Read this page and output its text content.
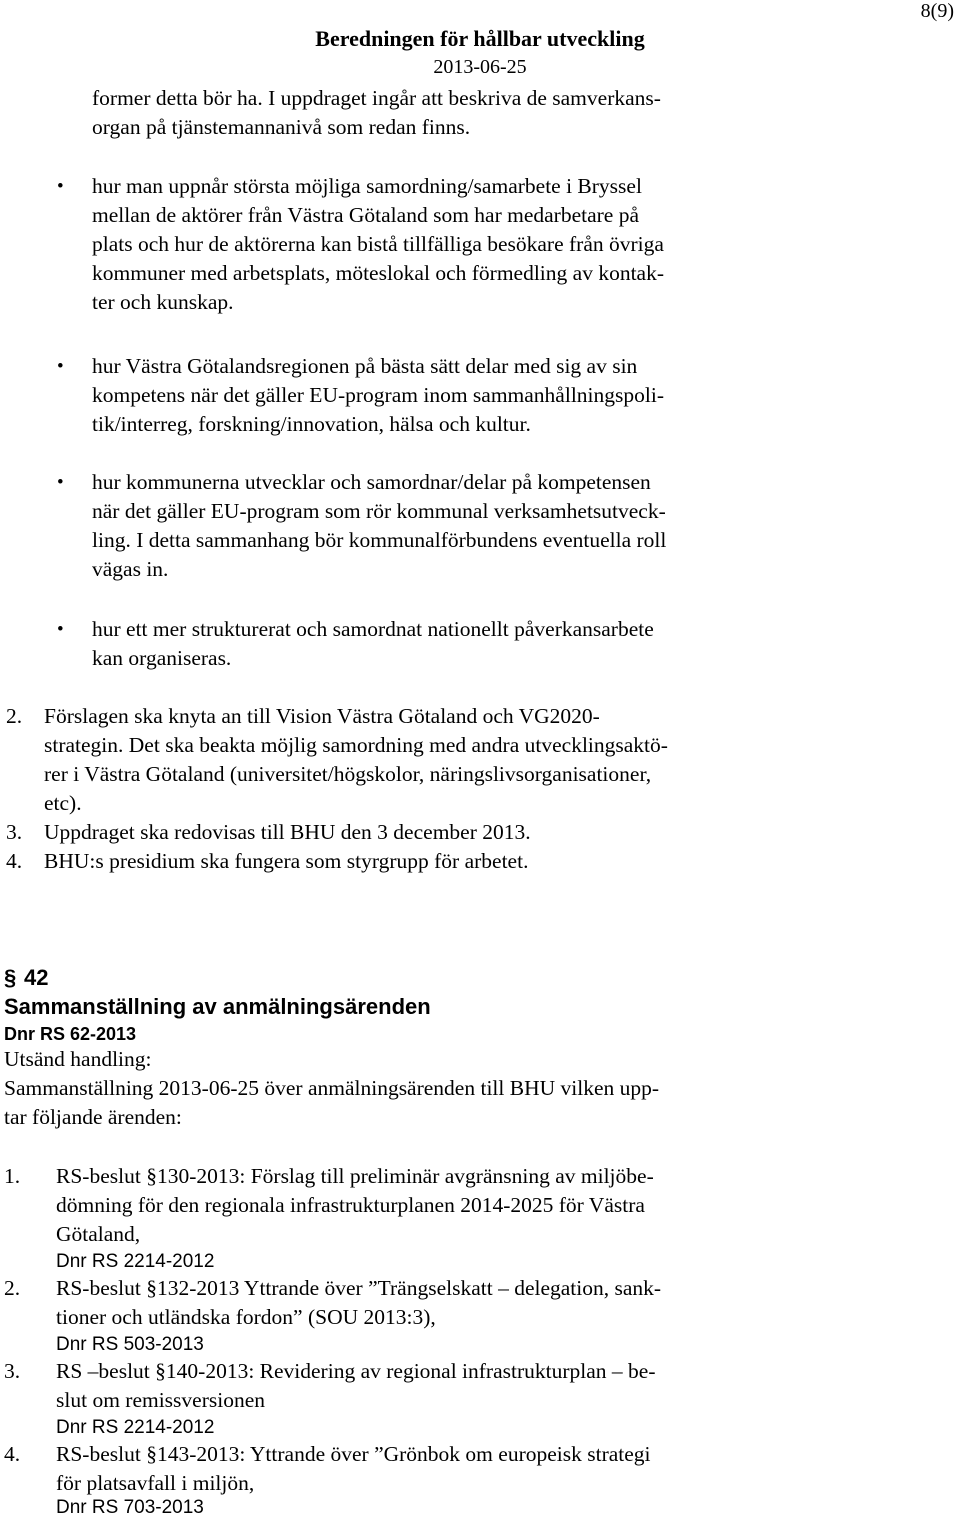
8(9)
Beredningen för hållbar utveckling
2013-06-25
former detta bör ha. I uppdraget ingår att beskriva de samverkans-
organ på tjänstemannanivå som redan finns.
• hur man uppnår största möjliga samordning/samarbete i Bryssel
mellan de aktörer från Västra Götaland som har medarbetare på
plats och hur de aktörerna kan bistå tillfälliga besökare från övriga
kommuner med arbetsplats, möteslokal och förmedling av kontak-
ter och kunskap.
• hur Västra Götalandsregionen på bästa sätt delar med sig av sin
kompetens när det gäller EU-program inom sammanhållningspoli-
tik/interreg, forskning/innovation, hälsa och kultur.
• hur kommunerna utvecklar och samordnar/delar på kompetensen
när det gäller EU-program som rör kommunal verksamhetsutveck-
ling. I detta sammanhang bör kommunalförbundens eventuella roll
vägas in.
• hur ett mer strukturerat och samordnat nationellt påverkansarbete
kan organiseras.
2. Förslagen ska knyta an till Vision Västra Götaland och VG2020-
strategin. Det ska beakta möjlig samordning med andra utvecklingsaktö-
rer i Västra Götaland (universitet/högskolor, näringslivsorganisationer,
etc).
3. Uppdraget ska redovisas till BHU den 3 december 2013.
4. BHU:s presidium ska fungera som styrgrupp för arbetet.
§ 42
Sammanställning av anmälningsärenden
Dnr RS 62-2013
Utsänd handling:
Sammanställning 2013-06-25 över anmälningsärenden till BHU vilken upp-
tar följande ärenden:
1. RS-beslut §130-2013: Förslag till preliminär avgränsning av miljöbe-
dömning för den regionala infrastrukturplanen 2014-2025 för Västra
Götaland,
Dnr RS 2214-2012
2. RS-beslut §132-2013 Yttrande över ”Trängselskatt – delegation, sank-
tioner och utländska fordon” (SOU 2013:3),
Dnr RS 503-2013
3. RS –beslut §140-2013: Revidering av regional infrastrukturplan – be-
slut om remissversionen
Dnr RS 2214-2012
4. RS-beslut §143-2013: Yttrande över ”Grönbok om europeisk strategi
för platsavfall i miljön,
Dnr RS 703-2013
